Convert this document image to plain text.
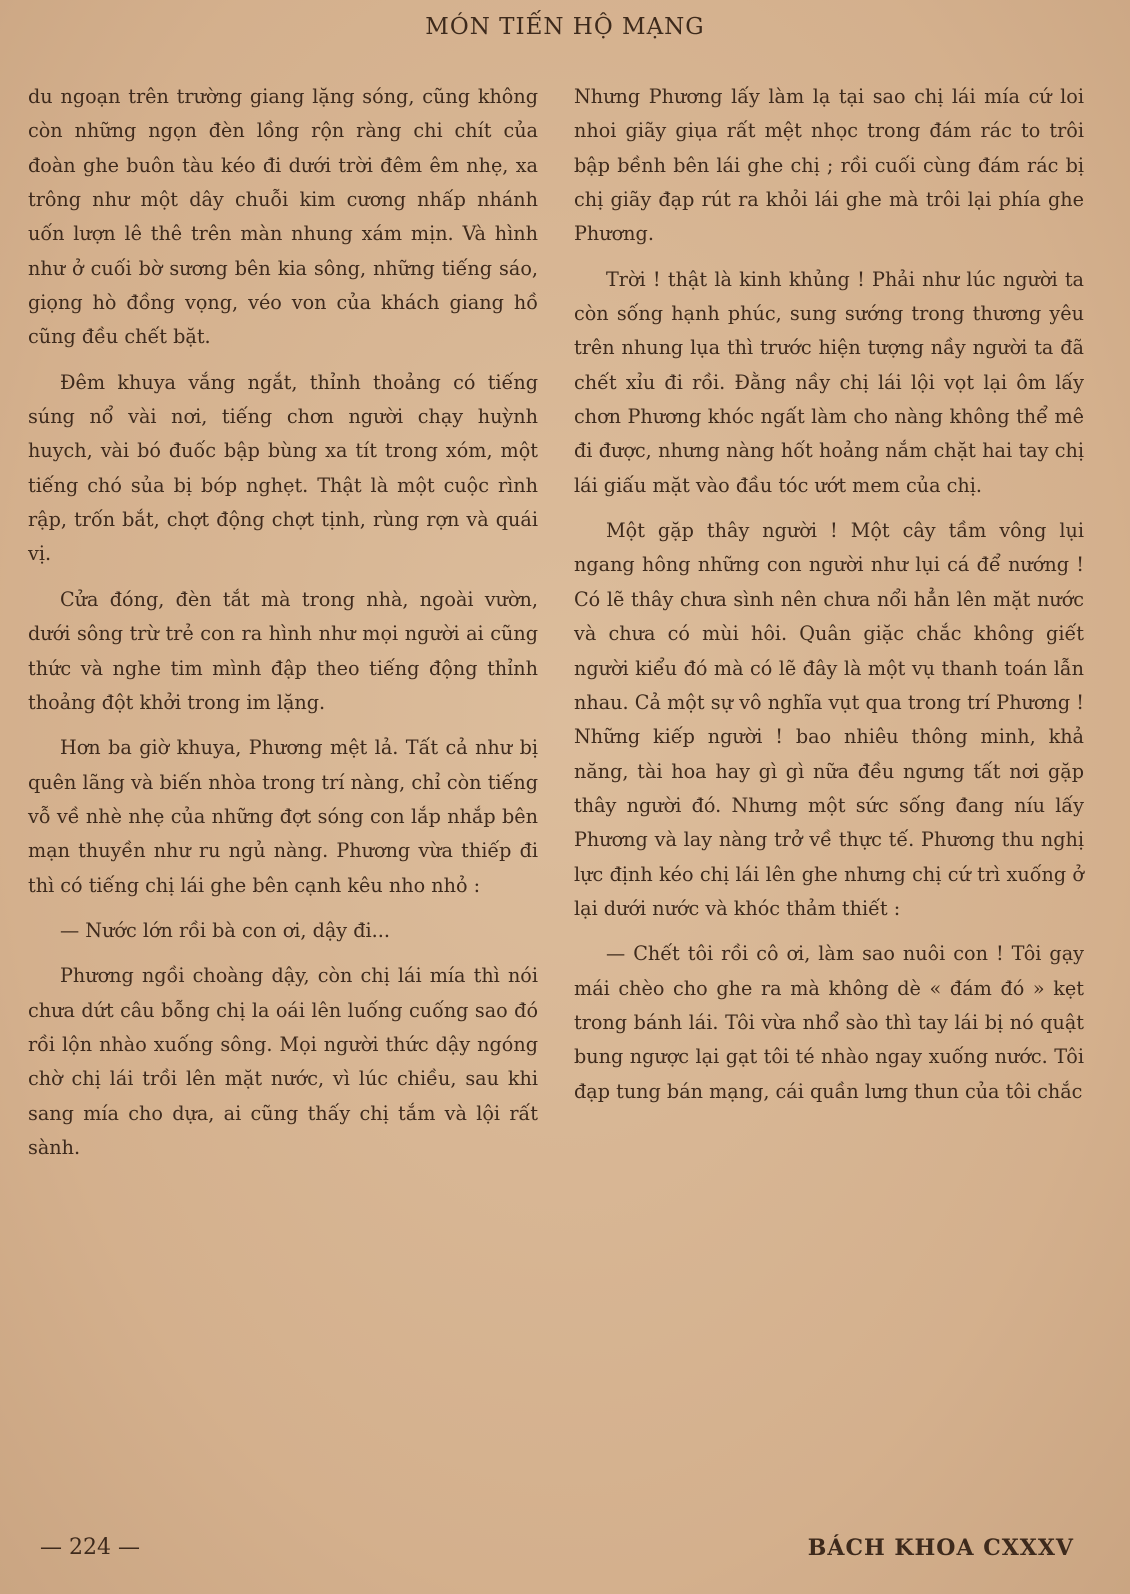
MÓN TIẾN HỘ MẠNG

du ngoạn trên trường giang lặng sóng, cũng không còn những ngọn đèn lồng rộn ràng chi chít của đoàn ghe buôn tàu kéo đi dưới trời đêm êm nhẹ, xa trông như một dây chuỗi kim cương nhấp nhánh uốn lượn lê thê trên màn nhung xám mịn. Và hình như ở cuối bờ sương bên kia sông, những tiếng sáo, giọng hò đồng vọng, véo von của khách giang hồ cũng đều chết bặt.

Đêm khuya vắng ngắt, thỉnh thoảng có tiếng súng nổ vài nơi, tiếng chơn người chạy huỳnh huych, vài bó đuốc bập bùng xa tít trong xóm, một tiếng chó sủa bị bóp nghẹt. Thật là một cuộc rình rập, trốn bắt, chợt động chợt tịnh, rùng rợn và quái vị.

Cửa đóng, đèn tắt mà trong nhà, ngoài vườn, dưới sông trừ trẻ con ra hình như mọi người ai cũng thức và nghe tim mình đập theo tiếng động thỉnh thoảng đột khởi trong im lặng.

Hơn ba giờ khuya, Phương mệt lả. Tất cả như bị quên lãng và biến nhòa trong trí nàng, chỉ còn tiếng vỗ về nhè nhẹ của những đợt sóng con lắp nhắp bên mạn thuyền như ru ngủ nàng. Phương vừa thiếp đi thì có tiếng chị lái ghe bên cạnh kêu nho nhỏ :

— Nước lớn rồi bà con ơi, dậy đi...

Phương ngồi choàng dậy, còn chị lái mía thì nói chưa dứt câu bỗng chị la oái lên luống cuống sao đó rồi lộn nhào xuống sông. Mọi người thức dậy ngóng chờ chị lái trồi lên mặt nước, vì lúc chiều, sau khi sang mía cho dựa, ai cũng thấy chị tắm và lội rất sành.

Nhưng Phương lấy làm lạ tại sao chị lái mía cứ loi nhoi giãy giụa rất mệt nhọc trong đám rác to trôi bập bềnh bên lái ghe chị ; rồi cuối cùng đám rác bị chị giãy đạp rút ra khỏi lái ghe mà trôi lại phía ghe Phương.

Trời ! thật là kinh khủng ! Phải như lúc người ta còn sống hạnh phúc, sung sướng trong thương yêu trên nhung lụa thì trước hiện tượng nầy người ta đã chết xỉu đi rồi. Đằng nầy chị lái lội vọt lại ôm lấy chơn Phương khóc ngất làm cho nàng không thể mê đi được, nhưng nàng hốt hoảng nắm chặt hai tay chị lái giấu mặt vào đầu tóc ướt mem của chị.

Một gặp thây người ! Một cây tầm vông lụi ngang hông những con người như lụi cá để nướng ! Có lẽ thây chưa sình nên chưa nổi hẳn lên mặt nước và chưa có mùi hôi. Quân giặc chắc không giết người kiểu đó mà có lẽ đây là một vụ thanh toán lẫn nhau. Cả một sự vô nghĩa vụt qua trong trí Phương ! Những kiếp người ! bao nhiêu thông minh, khả năng, tài hoa hay gì gì nữa đều ngưng tất nơi gặp thây người đó. Nhưng một sức sống đang níu lấy Phương và lay nàng trở về thực tế. Phương thu nghị lực định kéo chị lái lên ghe nhưng chị cứ trì xuống ở lại dưới nước và khóc thảm thiết :

— Chết tôi rồi cô ơi, làm sao nuôi con ! Tôi gạy mái chèo cho ghe ra mà không dè « đám đó » kẹt trong bánh lái. Tôi vừa nhổ sào thì tay lái bị nó quật bung ngược lại gạt tôi té nhào ngay xuống nước. Tôi đạp tung bán mạng, cái quần lưng thun của tôi chắc

— 224 —	BÁCH KHOA CXXXV
